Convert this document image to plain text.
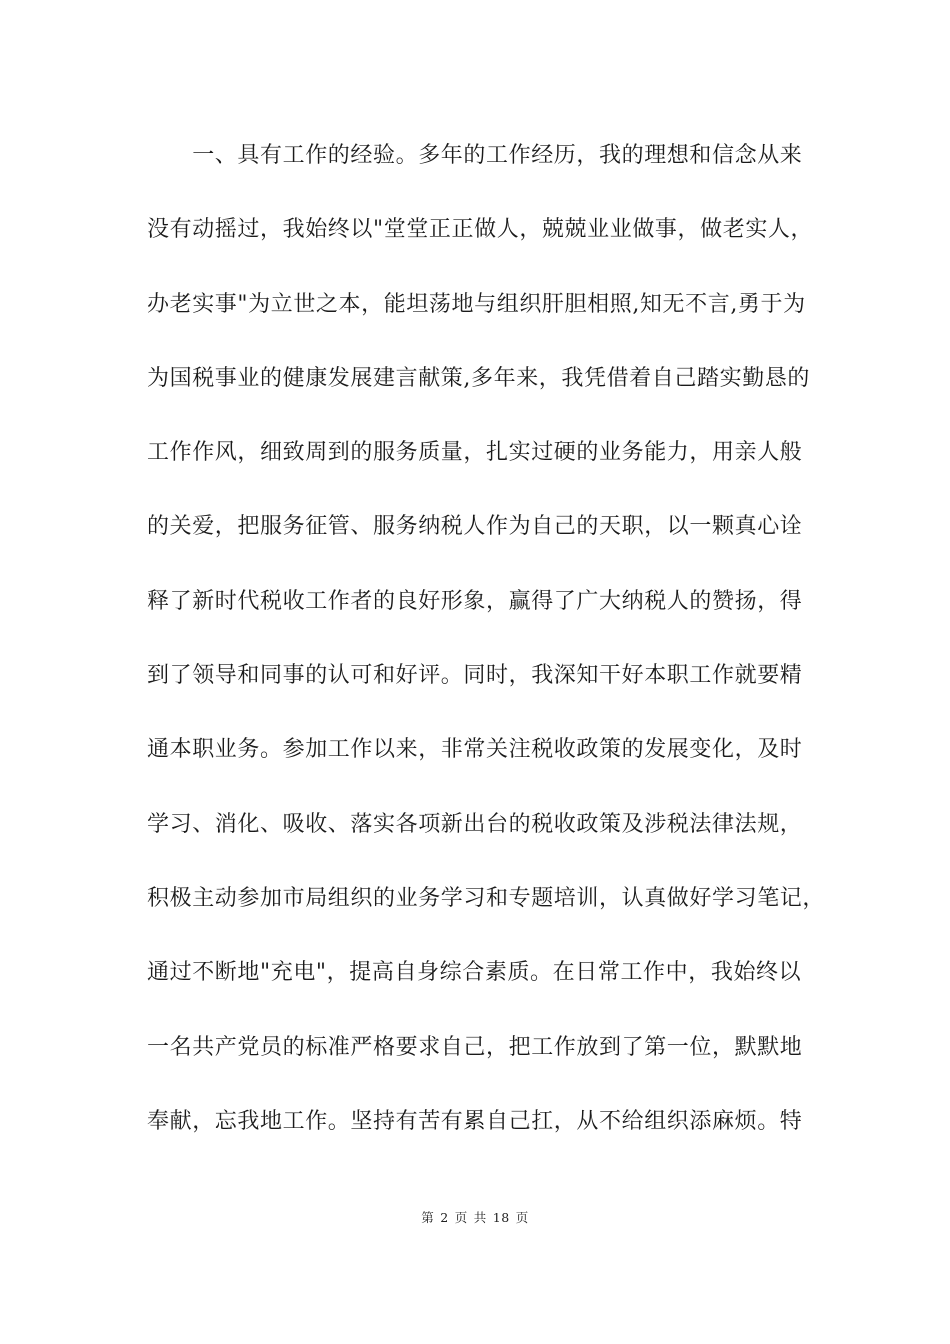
　　一、具有工作的经验。多年的工作经历，我的理想和信念从来
没有动摇过，我始终以"堂堂正正做人，兢兢业业做事，做老实人，
办老实事"为立世之本，能坦荡地与组织肝胆相照,知无不言,勇于为
为国税事业的健康发展建言献策,多年来，我凭借着自己踏实勤恳的
工作作风，细致周到的服务质量，扎实过硬的业务能力，用亲人般
的关爱，把服务征管、服务纳税人作为自己的天职，以一颗真心诠
释了新时代税收工作者的良好形象，赢得了广大纳税人的赞扬，得
到了领导和同事的认可和好评。同时，我深知干好本职工作就要精
通本职业务。参加工作以来，非常关注税收政策的发展变化，及时
学习、消化、吸收、落实各项新出台的税收政策及涉税法律法规，
积极主动参加市局组织的业务学习和专题培训，认真做好学习笔记，
通过不断地"充电"，提高自身综合素质。在日常工作中，我始终以
一名共产党员的标准严格要求自己，把工作放到了第一位，默默地
奉献，忘我地工作。坚持有苦有累自己扛，从不给组织添麻烦。特
第 2 页 共 18 页
